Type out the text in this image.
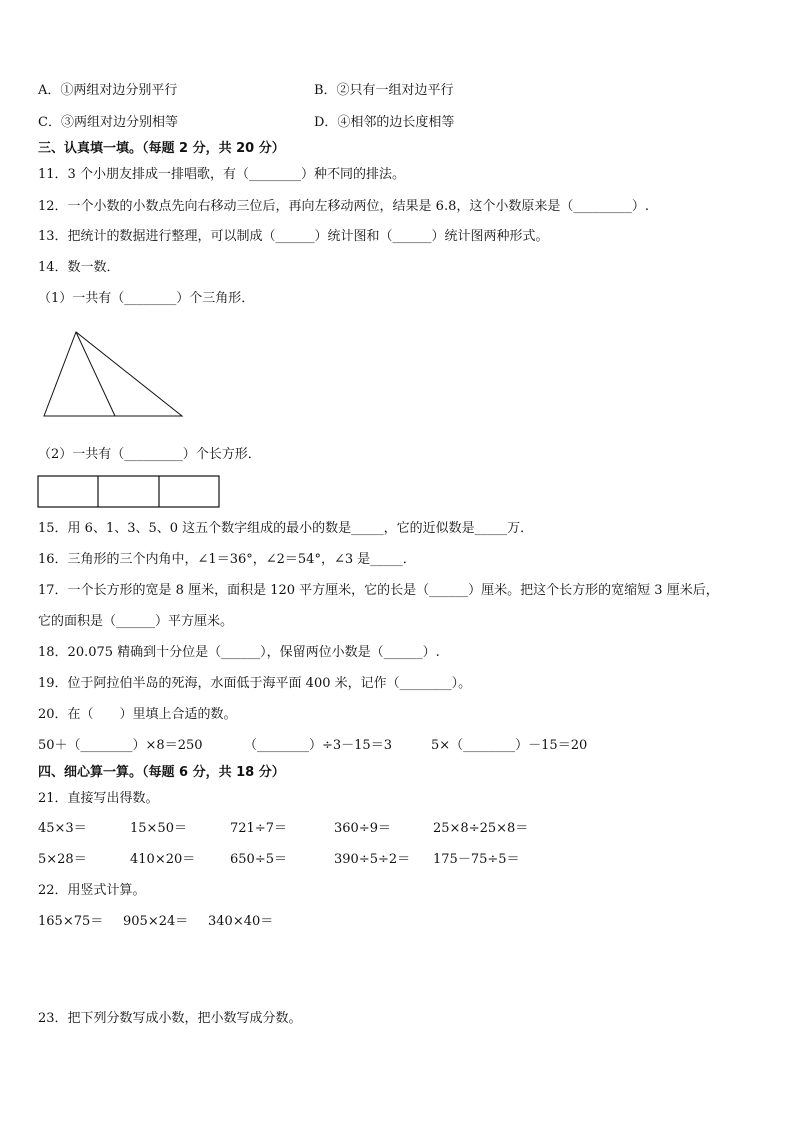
A．①两组对边分别平行	B．②只有一组对边平行
C．③两组对边分别相等	D．④相邻的边长度相等
三、认真填一填。（每题 2 分，共 20 分）
11．3 个小朋友排成一排唱歌，有（________）种不同的排法。
12．一个小数的小数点先向右移动三位后，再向左移动两位，结果是 6.8，这个小数原来是（_________）.
13．把统计的数据进行整理，可以制成（______）统计图和（______）统计图两种形式。
14．数一数．
（1）一共有（________）个三角形．
（2）一共有（_________）个长方形．
15．用 6、1、3、5、0 这五个数字组成的最小的数是_____，它的近似数是_____万．
16．三角形的三个内角中，∠1＝36°，∠2＝54°，∠3 是_____．
17．一个长方形的宽是 8 厘米，面积是 120 平方厘米，它的长是（______）厘米。把这个长方形的宽缩短 3 厘米后，
它的面积是（______）平方厘米。
18．20.075 精确到十分位是（______），保留两位小数是（______）.
19．位于阿拉伯半岛的死海，水面低于海平面 400 米，记作（________）。
20．在（　　）里填上合适的数。
50＋（________）×8＝250	（________）÷3－15＝3	5×（________）－15＝20
四、细心算一算。（每题 6 分，共 18 分）
21．直接写出得数。
45×3＝	15×50＝	721÷7＝	360÷9＝	25×8÷25×8＝
5×28＝	410×20＝	650÷5＝	390÷5÷2＝ 175－75÷5＝
22．用竖式计算。
165×75＝ 905×24＝ 340×40＝
23．把下列分数写成小数，把小数写成分数。
